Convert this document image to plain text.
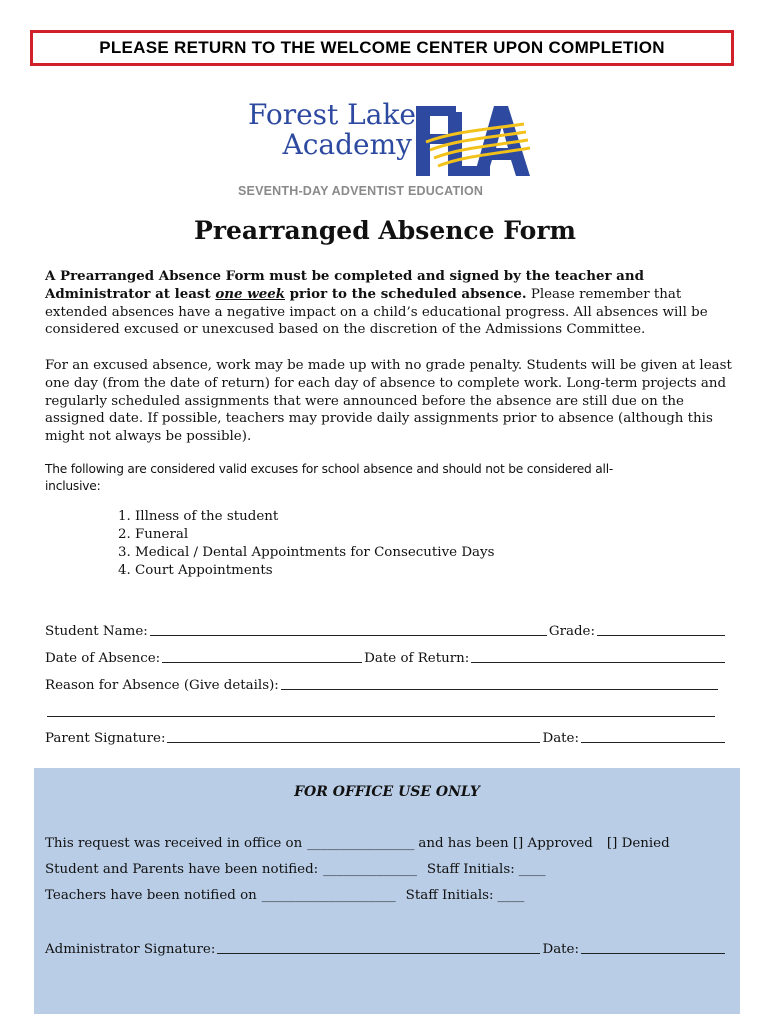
PLEASE RETURN TO THE WELCOME CENTER UPON COMPLETION
Forest Lake
Academy
SEVENTH-DAY ADVENTIST EDUCATION
Prearranged Absence Form
A Prearranged Absence Form must be completed and signed by the teacher and Administrator at least one week prior to the scheduled absence. Please remember that extended absences have a negative impact on a child’s educational progress. All absences will be considered excused or unexcused based on the discretion of the Admissions Committee.
For an excused absence, work may be made up with no grade penalty. Students will be given at least one day (from the date of return) for each day of absence to complete work. Long-term projects and regularly scheduled assignments that were announced before the absence are still due on the assigned date. If possible, teachers may provide daily assignments prior to absence (although this might not always be possible).
The following are considered valid excuses for school absence and should not be considered all-inclusive:
1. Illness of the student
2. Funeral
3. Medical / Dental Appointments for Consecutive Days
4. Court Appointments
Student Name:	Grade:
Date of Absence:	Date of Return:
Reason for Absence (Give details):
Parent Signature:	Date:
FOR OFFICE USE ONLY
This request was received in office on ________________ and has been [] Approved [] Denied
Student and Parents have been notified: ______________ Staff Initials: ____
Teachers have been notified on ____________________ Staff Initials: ____
Administrator Signature:	Date:
